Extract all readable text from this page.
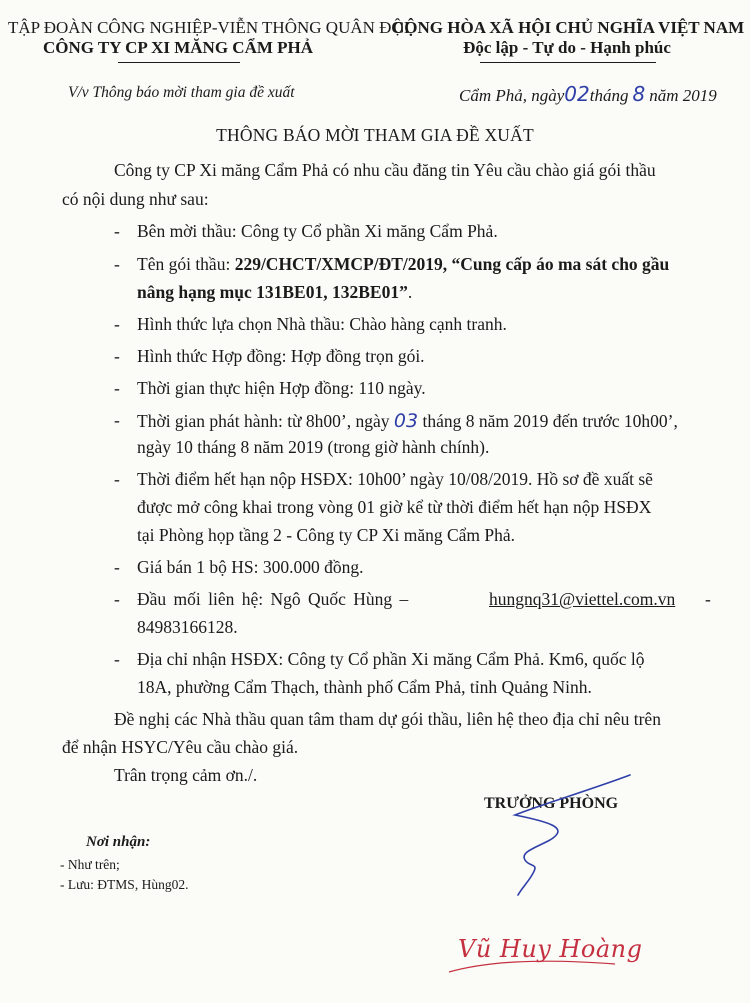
TẬP ĐOÀN CÔNG NGHIỆP-VIỄN THÔNG QUÂN ĐỘI
CÔNG TY CP XI MĂNG CẨM PHẢ
CỘNG HÒA XÃ HỘI CHỦ NGHĨA VIỆT NAM
Độc lập - Tự do - Hạnh phúc
V/v Thông báo mời tham gia đề xuất	Cẩm Phả, ngày02tháng 8 năm 2019
THÔNG BÁO MỜI THAM GIA ĐỀ XUẤT
Công ty CP Xi măng Cẩm Phả có nhu cầu đăng tin Yêu cầu chào giá gói thầu
có nội dung như sau:
- Bên mời thầu: Công ty Cổ phần Xi măng Cẩm Phả.
- Tên gói thầu: 229/CHCT/XMCP/ĐT/2019, “Cung cấp áo ma sát cho gầu
nâng hạng mục 131BE01, 132BE01”.
- Hình thức lựa chọn Nhà thầu: Chào hàng cạnh tranh.
- Hình thức Hợp đồng: Hợp đồng trọn gói.
- Thời gian thực hiện Hợp đồng: 110 ngày.
- Thời gian phát hành: từ 8h00’, ngày 03 tháng 8 năm 2019 đến trước 10h00’,
ngày 10 tháng 8 năm 2019 (trong giờ hành chính).
- Thời điểm hết hạn nộp HSĐX: 10h00’ ngày 10/08/2019. Hồ sơ đề xuất sẽ
được mở công khai trong vòng 01 giờ kể từ thời điểm hết hạn nộp HSĐX
tại Phòng họp tầng 2 - Công ty CP Xi măng Cẩm Phả.
- Giá bán 1 bộ HS: 300.000 đồng.
- Đầu mối liên hệ: Ngô Quốc Hùng –	hungnq31@viettel.com.vn -
84983166128.
- Địa chỉ nhận HSĐX: Công ty Cổ phần Xi măng Cẩm Phả. Km6, quốc lộ
18A, phường Cẩm Thạch, thành phố Cẩm Phả, tỉnh Quảng Ninh.
Đề nghị các Nhà thầu quan tâm tham dự gói thầu, liên hệ theo địa chỉ nêu trên
để nhận HSYC/Yêu cầu chào giá.
Trân trọng cảm ơn./.
TRƯỞNG PHÒNG
Vũ Huy Hoàng
Nơi nhận:
- Như trên;
- Lưu: ĐTMS, Hùng02.
